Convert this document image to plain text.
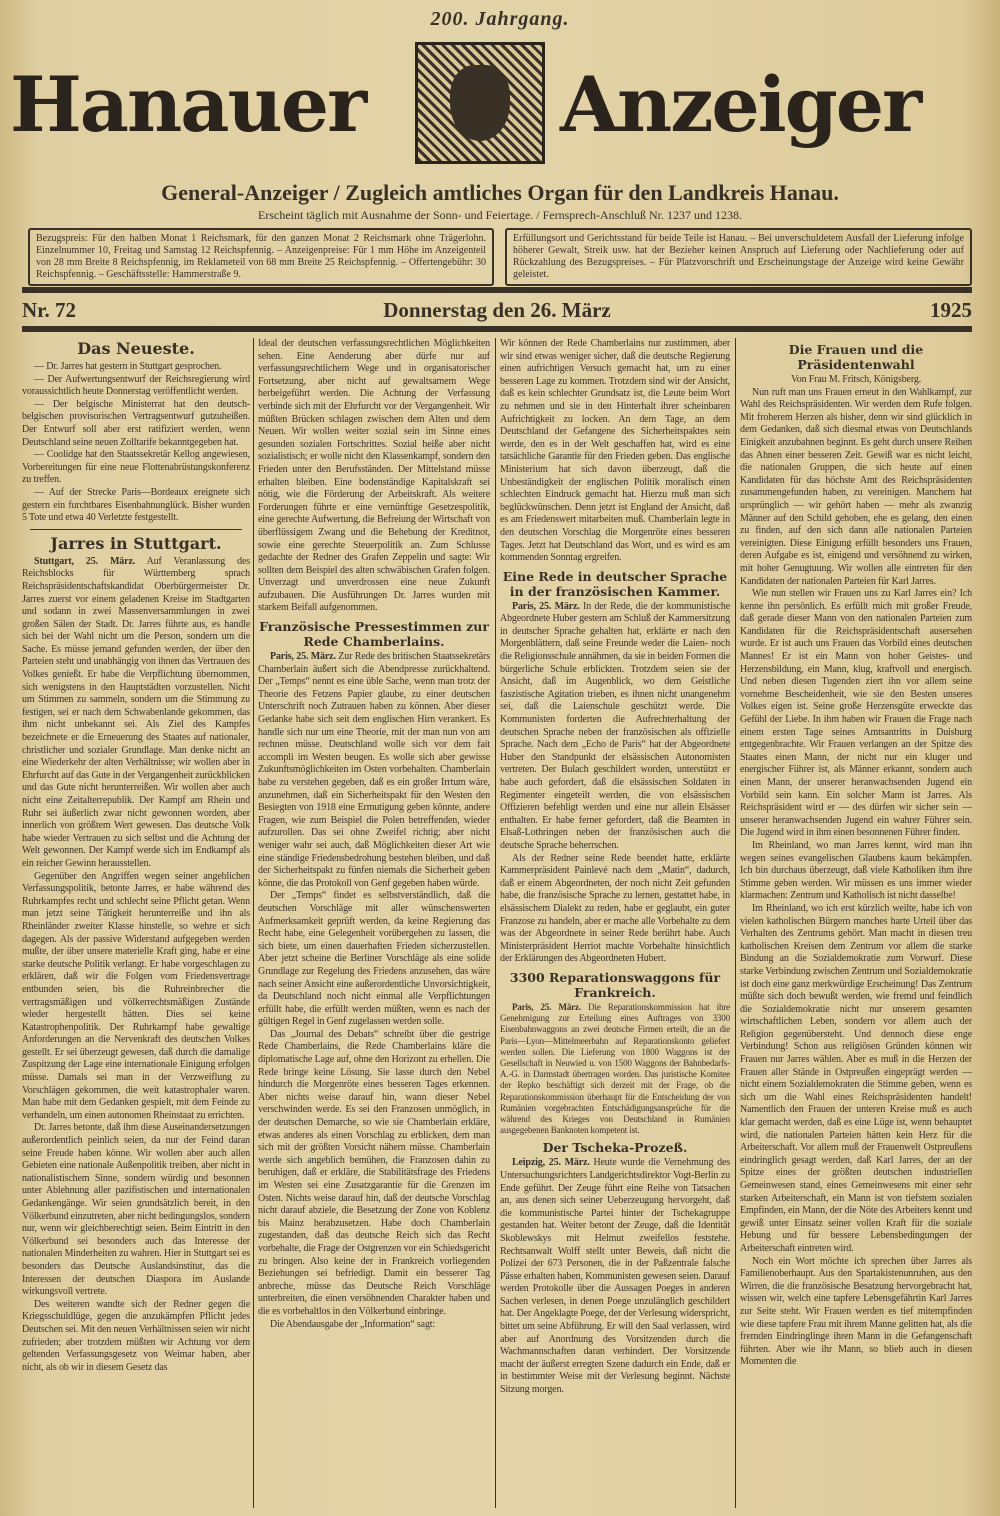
200. Jahrgang.
Hanauer	Anzeiger
General-Anzeiger / Zugleich amtliches Organ für den Landkreis Hanau.
Erscheint täglich mit Ausnahme der Sonn- und Feiertage. / Fernsprech-Anschluß Nr. 1237 und 1238.
Bezugspreis: Für den halben Monat 1 Reichsmark, für den ganzen Monat 2 Reichsmark ohne Trägerlohn. Einzelnummer 10, Freitag und Samstag 12 Reichspfennig. – Anzeigenpreise: Für 1 mm Höhe im Anzeigenteil von 28 mm Breite 8 Reichspfennig, im Reklameteil von 68 mm Breite 25 Reichspfennig. – Offertengebühr: 30 Reichspfennig. – Geschäftsstelle: Hammerstraße 9.
Erfüllungsort und Gerichtsstand für beide Teile ist Hanau. – Bei unverschuldetem Ausfall der Lieferung infolge höherer Gewalt, Streik usw. hat der Bezieher keinen Anspruch auf Lieferung oder Nachlieferung oder auf Rückzahlung des Bezugspreises. – Für Platzvorschrift und Erscheinungstage der Anzeige wird keine Gewähr geleistet.
Nr. 72	Donnerstag den 26. März	1925
Das Neueste.

— Dr. Jarres hat gestern in Stuttgart gesprochen.

— Der Aufwertungsentwurf der Reichsregierung wird voraussichtlich heute Donnerstag veröffentlicht werden.

— Der belgische Ministerrat hat den deutsch-belgischen provisorischen Vertragsentwurf gutzuheißen. Der Entwurf soll aber erst ratifiziert werden, wenn Deutschland seine neuen Zolltarife bekanntgegeben hat.

— Coolidge hat den Staatssekretär Kellog angewiesen, Vorbereitungen für eine neue Flottenabrüstungskonferenz zu treffen.

— Auf der Strecke Paris—Bordeaux ereignete sich gestern ein furchtbares Eisenbahnunglück. Bisher wurden 5 Tote und etwa 40 Verletzte festgestellt.

Jarres in Stuttgart.

Stuttgart, 25. März. Auf Veranlassung des Reichsblocks für Württemberg sprach Reichspräsidentschaftskandidat Oberbürgermeister Dr. Jarres zuerst vor einem geladenen Kreise im Stadtgarten und sodann in zwei Massenversammlungen in zwei großen Sälen der Stadt. Dr. Jarres führte aus, es handle sich bei der Wahl nicht um die Person, sondern um die Sache. Es müsse jemand gefunden werden, der über den Parteien steht und unabhängig von ihnen das Vertrauen des Volkes genießt. Er habe die Verpflichtung übernommen, sich wenigstens in den Hauptstädten vorzustellen. Nicht um Stimmen zu sammeln, sondern um die Stimmung zu festigen, sei er nach dem Schwabenlande gekommen, das ihm nicht unbekannt sei. Als Ziel des Kampfes bezeichnete er die Erneuerung des Staates auf nationaler, christlicher und sozialer Grundlage. Man denke nicht an eine Wiederkehr der alten Verhältnisse; wir wollen aber in Ehrfurcht auf das Gute in der Vergangenheit zurückblicken und das Gute nicht herunterreißen. Wir wollen aber auch nicht eine Zeitalterrepublik. Der Kampf am Rhein und Ruhr sei äußerlich zwar nicht gewonnen worden, aber innerlich von größtem Wert gewesen. Das deutsche Volk habe wieder Vertrauen zu sich selbst und die Achtung der Welt gewonnen. Der Kampf werde sich im Endkampf als ein reicher Gewinn herausstellen.

Gegenüber den Angriffen wegen seiner angeblichen Verfassungspolitik, betonte Jarres, er habe während des Ruhrkampfes recht und schlecht seine Pflicht getan. Wenn man jetzt seine Tätigkeit herunterreiße und ihn als Rheinländer zweiter Klasse hinstelle, so wehre er sich dagegen. Als der passive Widerstand aufgegeben werden mußte, der über unsere materielle Kraft ging, habe er eine starke deutsche Politik verlangt. Er habe vorgeschlagen zu erklären, daß wir die Folgen vom Friedensvertrage entbunden seien, bis die Ruhreinbrecher die vertragsmäßigen und völkerrechtsmäßigen Zustände wieder hergestellt hätten. Dies sei keine Katastrophenpolitik. Der Ruhrkampf habe gewaltige Anforderungen an die Nervenkraft des deutschen Volkes gestellt. Er sei überzeugt gewesen, daß durch die damalige Zuspitzung der Lage eine internationale Einigung erfolgen müsse. Damals sei man in der Verzweiflung zu Vorschlägen gekommen, die weit katastrophaler waren. Man habe mit dem Gedanken gespielt, mit dem Feinde zu verhandeln, um einen autonomen Rheinstaat zu errichten.

Dr. Jarres betonte, daß ihm diese Auseinandersetzungen außerordentlich peinlich seien, da nur der Feind daran seine Freude haben könne. Wir wollen aber auch allen Gebieten eine nationale Außenpolitik treiben, aber nicht in nationalistischem Sinne, sondern würdig und besonnen unter Ablehnung aller pazifistischen und internationalen Gedankengänge. Wir seien grundsätzlich bereit, in den Völkerbund einzutreten, aber nicht bedingungslos, sondern nur, wenn wir gleichberechtigt seien. Beim Eintritt in den Völkerbund sei besonders auch das Interesse der nationalen Minderheiten zu wahren. Hier in Stuttgart sei es besonders das Deutsche Auslandsinstitut, das die Interessen der deutschen Diaspora im Auslande wirkungsvoll vertrete.

Des weiteren wandte sich der Redner gegen die Kriegsschuldlüge, gegen die anzukämpfen Pflicht jedes Deutschen sei. Mit den neuen Verhältnissen seien wir nicht zufrieden; aber trotzdem müßten wir Achtung vor dem geltenden Verfassungsgesetz von Weimar haben, aber nicht, als ob wir in diesem Gesetz das

Ideal der deutschen verfassungsrechtlichen Möglichkeiten sehen. Eine Aenderung aber dürfe nur auf verfassungsrechtlichem Wege und in organisatorischer Fortsetzung, aber nicht auf gewaltsamem Wege herbeigeführt werden. Die Achtung der Verfassung verbinde sich mit der Ehrfurcht vor der Vergangenheit. Wir müßten Brücken schlagen zwischen dem Alten und dem Neuen. Wir wollen weiter sozial sein im Sinne eines gesunden sozialen Fortschrittes. Sozial heiße aber nicht sozialistisch; er wolle nicht den Klassenkampf, sondern den Frieden unter den Berufsständen. Der Mittelstand müsse erhalten bleiben. Eine bodenständige Kapitalskraft sei nötig, wie die Förderung der Arbeitskraft. Als weitere Forderungen führte er eine vernünftige Gesetzespolitik, eine gerechte Aufwertung, die Befreiung der Wirtschaft von überflüssigem Zwang und die Behebung der Kreditnot, sowie eine gerechte Steuerpolitik an. Zum Schlusse gedachte der Redner des Grafen Zeppelin und sagte: Wir sollten dem Beispiel des alten schwäbischen Grafen folgen. Unverzagt und unverdrossen eine neue Zukunft aufzubauen. Die Ausführungen Dr. Jarres wurden mit starkem Beifall aufgenommen.

Französische Pressestimmen zur Rede Chamberlains.

Paris, 25. März. Zur Rede des britischen Staatssekretärs Chamberlain äußert sich die Abendpresse zurückhaltend. Der „Temps“ nennt es eine üble Sache, wenn man trotz der Theorie des Fetzens Papier glaube, zu einer deutschen Unterschrift noch Zutrauen haben zu können. Aber dieser Gedanke habe sich seit dem englischen Hirn verankert. Es handle sich nur um eine Theorie, mit der man nun von am rechnen müsse. Deutschland wolle sich vor dem fait accompli im Westen beugen. Es wolle sich aber gewisse Zukunftsmöglichkeiten im Osten vorbehalten. Chamberlain habe zu verstehen gegeben, daß es ein großer Irrtum wäre, anzunehmen, daß ein Sicherheitspakt für den Westen den Besiegten von 1918 eine Ermutigung geben könnte, andere Fragen, wie zum Beispiel die Polen betreffenden, wieder aufzurollen. Das sei ohne Zweifel richtig; aber nicht weniger wahr sei auch, daß Möglichkeiten dieser Art wie eine ständige Friedensbedrohung bestehen bleiben, und daß der Sicherheitspakt zu fünfen niemals die Sicherheit geben könne, die das Protokoll von Genf gegeben haben würde.

Der „Temps“ findet es selbstverständlich, daß die deutschen Vorschläge mit aller wünschenswerten Aufmerksamkeit geprüft werden, da keine Regierung das Recht habe, eine Gelegenheit vorübergehen zu lassen, die sich biete, um einen dauerhaften Frieden sicherzustellen. Aber jetzt scheine die Berliner Vorschläge als eine solide Grundlage zur Regelung des Friedens anzusehen, das wäre nach seiner Ansicht eine außerordentliche Unvorsichtigkeit, da Deutschland noch nicht einmal alle Verpflichtungen erfüllt habe, die erfüllt werden müßten, wenn es nach der gültigen Regel in Genf zugelassen werden solle.

Das „Journal des Debats“ schreibt über die gestrige Rede Chamberlains, die Rede Chamberlains kläre die diplomatische Lage auf, ohne den Horizont zu erhellen. Die Rede bringe keine Lösung. Sie lasse durch den Nebel hindurch die Morgenröte eines besseren Tages erkennen. Aber nichts weise darauf hin, wann dieser Nebel verschwinden werde. Es sei den Franzosen unmöglich, in der deutschen Demarche, so wie sie Chamberlain erkläre, etwas anderes als einen Vorschlag zu erblicken, dem man sich mit der größten Vorsicht nähern müsse. Chamberlain werde sich angeblich bemühen, die Franzosen dahin zu beruhigen, daß er erkläre, die Stabilitätsfrage des Friedens im Westen sei eine Zusatzgarantie für die Grenzen im Osten. Nichts weise darauf hin, daß der deutsche Vorschlag nicht darauf abziele, die Besetzung der Zone von Koblenz bis Mainz herabzusetzen. Habe doch Chamberlain zugestanden, daß das deutsche Reich sich das Recht vorbehalte, die Frage der Ostgrenzen vor ein Schiedsgericht zu bringen. Also keine der in Frankreich vorliegenden Beziehungen sei befriedigt. Damit ein besserer Tag anbreche, müsse das Deutsche Reich Vorschläge unterbreiten, die einen versöhnenden Charakter haben und die es vorbehaltlos in den Völkerbund einbringe.

Die Abendausgabe der „Information“ sagt:

Wir können der Rede Chamberlains nur zustimmen, aber wir sind etwas weniger sicher, daß die deutsche Regierung einen aufrichtigen Versuch gemacht hat, um zu einer besseren Lage zu kommen. Trotzdem sind wir der Ansicht, daß es kein schlechter Grundsatz ist, die Leute beim Wort zu nehmen und sie in den Hinterhalt ihrer scheinbaren Aufrichtigkeit zu locken. An dem Tage, an dem Deutschland der Gefangene des Sicherheitspaktes sein werde, den es in der Welt geschaffen hat, wird es eine tatsächliche Garantie für den Frieden geben. Das englische Ministerium hat sich davon überzeugt, daß die Unbeständigkeit der englischen Politik moralisch einen schlechten Eindruck gemacht hat. Hierzu muß man sich beglückwünschen. Denn jetzt ist England der Ansicht, daß es am Friedenswert mitarbeiten muß. Chamberlain legte in den deutschen Vorschlag die Morgenröte eines besseren Tages. Jetzt hat Deutschland das Wort, und es wird es am kommenden Sonntag ergreifen.

Eine Rede in deutscher Sprache in der französischen Kammer.

Paris, 25. März. In der Rede, die der kommunistische Abgeordnete Huber gestern am Schluß der Kammersitzung in deutscher Sprache gehalten hat, erklärte er nach den Morgenblättern, daß seine Freunde weder die Laien- noch die Religionsschule annähmen, da sie in beiden Formen die bürgerliche Schule erblickten. Trotzdem seien sie der Ansicht, daß im Augenblick, wo dem Geistliche faszistische Agitation trieben, es ihnen nicht unangenehm sei, daß die Laienschule geschützt werde. Die Kommunisten forderten die Aufrechterhaltung der deutschen Sprache neben der französischen als offizielle Sprache. Nach dem „Echo de Paris“ hat der Abgeordnete Huber den Standpunkt der elsässischen Autonomisten vertreten. Der Bulach geschildert worden, unterstützt er habe auch gefordert, daß die elsässischen Soldaten in Regimenter eingeteilt werden, die von elsässischen Offizieren befehligt werden und eine nur allein Elsässer enthalten. Er habe ferner gefordert, daß die Beamten in Elsaß-Lothringen neben der französischen auch die deutsche Sprache beherrschen.

Als der Redner seine Rede beendet hatte, erklärte Kammerpräsident Painlevé nach dem „Matin“, dadurch, daß er einem Abgeordneten, der noch nicht Zeit gefunden habe, die französische Sprache zu lernen, gestattet habe, in elsässischem Dialekt zu reden, habe er geglaubt, ein guter Franzose zu handeln, aber er mache alle Vorbehalte zu dem was der Abgeordnete in seiner Rede berührt habe. Auch Ministerpräsident Herriot machte Vorbehalte hinsichtlich der Erklärungen des Abgeordneten Hubert.

3300 Reparationswaggons für Frankreich.

Paris, 25. März. Die Reparationskommission hat ihre Genehmigung zur Erteilung eines Auftrages von 3300 Eisenbahnwaggons an zwei deutsche Firmen erteilt, die an die Paris—Lyon—Mittelmeerbahn auf Reparationskonto geliefert werden sollen. Die Lieferung von 1800 Waggons ist der Gesellschaft in Neuwied u. von 1500 Waggons der Bahnbedarfs-A.-G. in Darmstadt übertragen worden. Das juristische Komitee der Repko beschäftigt sich derzeit mit der Frage, ob die Reparationskommission überhaupt für die Entscheidung der von Rumänien vorgebrachten Entschädigungsansprüche für die während des Krieges von Deutschland in Rumänien ausgegebenen Banknoten kompetent ist.

Der Tscheka-Prozeß.

Leipzig, 25. März. Heute wurde die Vernehmung des Untersuchungsrichters Landgerichtsdirektor Vogt-Berlin zu Ende geführt. Der Zeuge führt eine Reihe von Tatsachen an, aus denen sich seiner Ueberzeugung hervorgeht, daß die kommunistische Partei hinter der Tschekagruppe gestanden hat. Weiter betont der Zeuge, daß die Identität Skoblewskys mit Helmut zweifellos feststehe. Rechtsanwalt Wolff stellt unter Beweis, daß nicht die Polizei der 673 Personen, die in der Paßzentrale falsche Pässe erhalten haben, Kommunisten gewesen seien. Darauf werden Protokolle über die Aussagen Poeges in anderen Sachen verlesen, in denen Poege unzulänglich geschildert hat. Der Angeklagte Poege, der der Verlesung widerspricht, bittet um seine Abführung. Er will den Saal verlassen, wird aber auf Anordnung des Vorsitzenden durch die Wachmannschaften daran verhindert. Der Vorsitzende macht der äußerst erregten Szene dadurch ein Ende, daß er in bestimmter Weise mit der Verlesung beginnt. Nächste Sitzung morgen.

Die Frauen und die Präsidentenwahl

Von Frau M. Fritsch, Königsberg.

Nun ruft man uns Frauen erneut in den Wahlkampf, zur Wahl des Reichspräsidenten. Wir werden dem Rufe folgen. Mit froherem Herzen als bisher, denn wir sind glücklich in dem Gedanken, daß sich diesmal etwas von Deutschlands Einigkeit anzubahnen beginnt. Es geht durch unsere Reihen das Ahnen einer besseren Zeit. Gewiß war es nicht leicht, die nationalen Gruppen, die sich heute auf einen Kandidaten für das höchste Amt des Reichspräsidenten zusammengefunden haben, zu vereinigen. Manchem hat ursprünglich — wir gehört haben — mehr als zwanzig Männer auf den Schild gehoben, ehe es gelang, den einen zu finden, auf den sich dann alle nationalen Parteien vereinigten. Diese Einigung erfüllt besonders uns Frauen, deren Aufgabe es ist, einigend und versöhnend zu wirken, mit hoher Genugtuung. Wir wollen alle eintreten für den Kandidaten der nationalen Parteien für Karl Jarres.

Wie nun stellen wir Frauen uns zu Karl Jarres ein? Ich kenne ihn persönlich. Es erfüllt mich mit großer Freude, daß gerade dieser Mann von den nationalen Parteien zum Kandidaten für die Reichspräsidentschaft ausersehen wurde. Er ist auch uns Frauen das Vorbild eines deutschen Mannes! Er ist ein Mann von hoher Geistes- und Herzensbildung, ein Mann, klug, kraftvoll und energisch. Und neben diesen Tugenden ziert ihn vor allem seine vornehme Bescheidenheit, wie sie den Besten unseres Volkes eigen ist. Seine große Herzensgüte erweckte das Gefühl der Liebe. In ihm haben wir Frauen die Frage nach einem ersten Tage seines Amtsantritts in Duisburg entgegenbrachte. Wir Frauen verlangen an der Spitze des Staates einen Mann, der nicht nur ein kluger und energischer Führer ist, als Männer erkannt, sondern auch einen Mann, der unserer heranwachsenden Jugend ein Vorbild sein kann. Ein solcher Mann ist Jarres. Als Reichspräsident wird er — des dürfen wir sicher sein — unserer heranwachsenden Jugend ein wahrer Führer sein. Die Jugend wird in ihm einen besonnenen Führer finden.

Im Rheinland, wo man Jarres kennt, wird man ihn wegen seines evangelischen Glaubens kaum bekämpfen. Ich bin durchaus überzeugt, daß viele Katholiken ihm ihre Stimme geben werden. Wir müssen es uns immer wieder klarmachen: Zentrum und Katholisch ist nicht dasselbe!

Im Rheinland, wo ich erst kürzlich weilte, habe ich von vielen katholischen Bürgern manches harte Urteil über das Verhalten des Zentrums gehört. Man macht in diesen treu katholischen Kreisen dem Zentrum vor allem die starke Bindung an die Sozialdemokratie zum Vorwurf. Diese starke Verbindung zwischen Zentrum und Sozialdemokratie ist doch eine ganz merkwürdige Erscheinung! Das Zentrum müßte sich doch bewußt werden, wie fremd und feindlich die Sozialdemokratie nicht nur unserem gesamten wirtschaftlichen Leben, sondern vor allem auch der Religion gegenübersteht. Und dennoch diese enge Verbindung! Schon aus religiösen Gründen können wir Frauen nur Jarres wählen. Aber es muß in die Herzen der Frauen aller Stände in Ostpreußen eingeprägt werden — nicht einem Sozialdemokraten die Stimme geben, wenn es sich um die Wahl eines Reichspräsidenten handelt! Namentlich den Frauen der unteren Kreise muß es auch klar gemacht werden, daß es eine Lüge ist, wenn behauptet wird, die nationalen Parteien hätten kein Herz für die Arbeiterschaft. Vor allem muß der Frauenwelt Ostpreußens eindringlich gesagt werden, daß Karl Jarres, der an der Spitze eines der größten deutschen industriellen Gemeinwesen stand, eines Gemeinwesens mit einer sehr starken Arbeiterschaft, ein Mann ist von tiefstem sozialen Empfinden, ein Mann, der die Nöte des Arbeiters kennt und gewiß unter Einsatz seiner vollen Kraft für die soziale Hebung und für bessere Lebensbedingungen der Arbeiterschaft eintreten wird.

Noch ein Wort möchte ich sprechen über Jarres als Familienoberhaupt. Aus den Spartakistenunruhen, aus den Wirren, die die französische Besatzung hervorgebracht hat, wissen wir, welch eine tapfere Lebensgefährtin Karl Jarres zur Seite steht. Wir Frauen werden es tief mitempfinden wie diese tapfere Frau mit ihrem Manne gelitten hat, als die fremden Eindringlinge ihren Mann in die Gefangenschaft führten. Aber wie ihr Mann, so blieb auch in diesen Momenten die
